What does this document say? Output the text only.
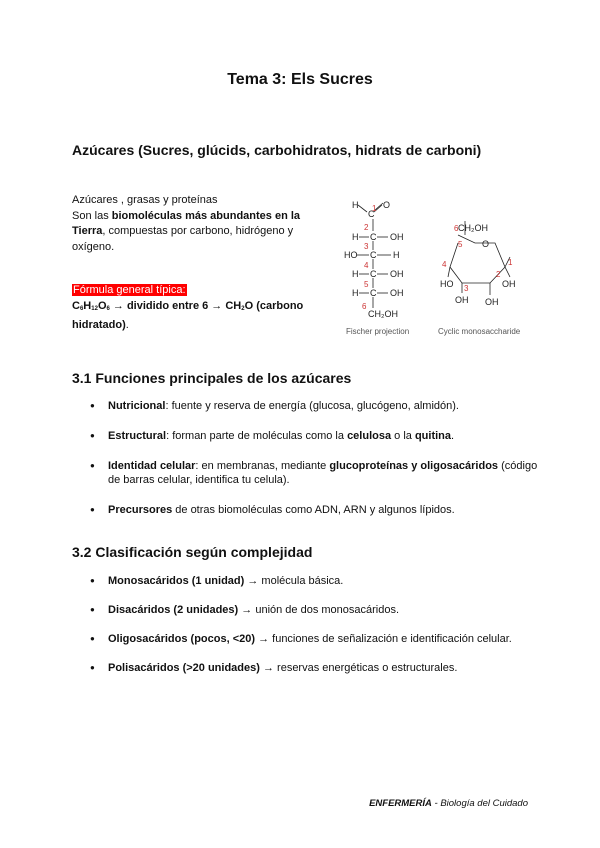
Tema 3: Els Sucres
Azúcares (Sucres, glúcids, carbohidratos, hidrats de carboni)

Azúcares , grasas y proteínas

Son las biomoléculas más abundantes en la Tierra, compuestas por carbono, hidrógeno y oxígeno.

Fórmula general típica:
$C_6H_{12}O_6$ → dividido entre $6 \to CH_2O$ (carbono hidratado).
H	O
C
H C OH
HO C H
H C OH
H C OH
CH₂OH
1
2
3
4
5
6
Fischer projection
CH₂OH
O
HO
OH OH
OH
6
5
4
3
2
1
Cyclic monosaccharide
3.1 Funciones principales de los azúcares
● Nutricional: fuente y reserva de energía (glucosa, glucógeno, almidón).
● Estructural: forman parte de moléculas como la celulosa o la quitina.
● Identidad celular: en membranas, mediante glucoproteínas y oligosacáridos (código de barras celular, identifica tu celula).
● Precursores de otras biomoléculas como ADN, ARN y algunos lípidos.
3.2 Clasificación según complejidad
● Monosacáridos (1 unidad) → molécula básica.
● Disacáridos (2 unidades) → unión de dos monosacáridos.
● Oligosacáridos (pocos, <20) → funciones de señalización e identificación celular.
● Polisacáridos (>20 unidades) → reservas energéticas o estructurales.
ENFERMERÍA - Biología del Cuidado
